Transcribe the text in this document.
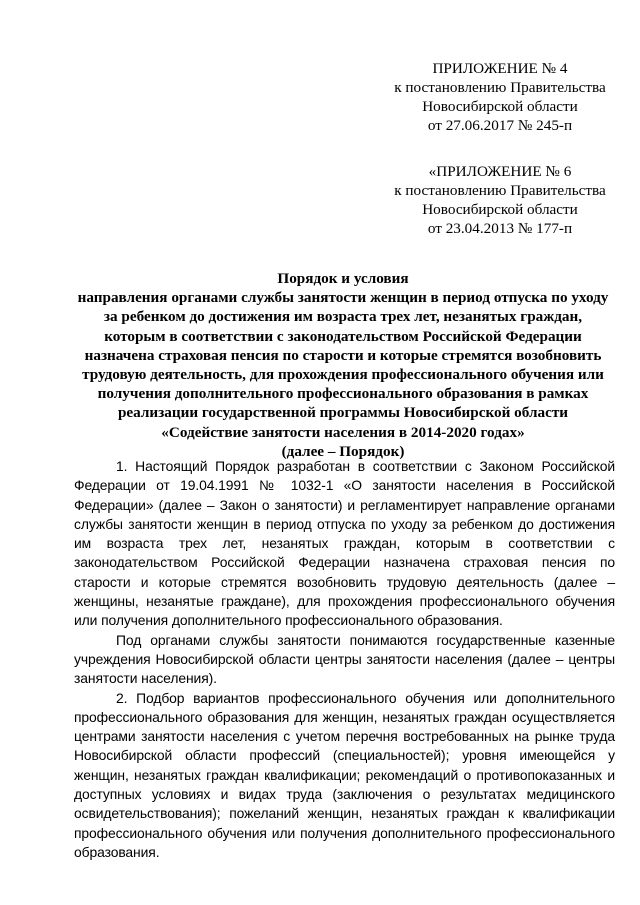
ПРИЛОЖЕНИЕ № 4
к постановлению Правительства
Новосибирской области
от 27.06.2017 № 245-п
«ПРИЛОЖЕНИЕ № 6
к постановлению Правительства
Новосибирской области
от 23.04.2013 № 177-п
Порядок и условия
направления органами службы занятости женщин в период отпуска по уходу
за ребенком до достижения им возраста трех лет, незанятых граждан,
которым в соответствии с законодательством Российской Федерации
назначена страховая пенсия по старости и которые стремятся возобновить
трудовую деятельность, для прохождения профессионального обучения или
получения дополнительного профессионального образования в рамках
реализации государственной программы Новосибирской области
«Содействие занятости населения в 2014-2020 годах»
(далее – Порядок)

1. Настоящий Порядок разработан в соответствии с Законом Российской Федерации от 19.04.1991 № 1032-1 «О занятости населения в Российской Федерации» (далее – Закон о занятости) и регламентирует направление органами службы занятости женщин в период отпуска по уходу за ребенком до достижения им возраста трех лет, незанятых граждан, которым в соответствии с законодательством Российской Федерации назначена страховая пенсия по старости и которые стремятся возобновить трудовую деятельность (далее – женщины, незанятые граждане), для прохождения профессионального обучения или получения дополнительного профессионального образования.

Под органами службы занятости понимаются государственные казенные учреждения Новосибирской области центры занятости населения (далее – центры занятости населения).

2. Подбор вариантов профессионального обучения или дополнительного профессионального образования для женщин, незанятых граждан осуществляется центрами занятости населения с учетом перечня востребованных на рынке труда Новосибирской области профессий (специальностей); уровня имеющейся у женщин, незанятых граждан квалификации; рекомендаций о противопоказанных и доступных условиях и видах труда (заключения о результатах медицинского освидетельствования); пожеланий женщин, незанятых граждан к квалификации профессионального обучения или получения дополнительного профессионального образования.
